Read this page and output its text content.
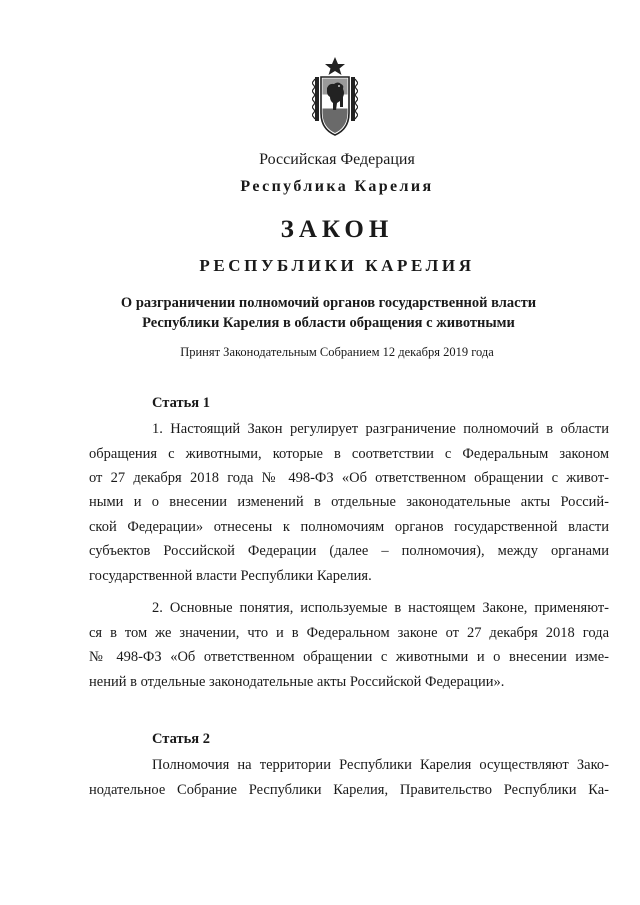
Российская Федерация
Республика Карелия
ЗАКОН
РЕСПУБЛИКИ КАРЕЛИЯ
О разграничении полномочий органов государственной власти
Республики Карелия в области обращения с животными
Принят Законодательным Собранием 12 декабря 2019 года
Статья 1
1. Настоящий Закон регулирует разграничение полномочий в области
обращения с животными, которые в соответствии с Федеральным законом
от 27 декабря 2018 года № 498-ФЗ «Об ответственном обращении с живот-
ными и о внесении изменений в отдельные законодательные акты Россий-
ской Федерации» отнесены к полномочиям органов государственной власти
субъектов Российской Федерации (далее – полномочия), между органами
государственной власти Республики Карелия.
2. Основные понятия, используемые в настоящем Законе, применяют-
ся в том же значении, что и в Федеральном законе от 27 декабря 2018 года
№ 498-ФЗ «Об ответственном обращении с животными и о внесении изме-
нений в отдельные законодательные акты Российской Федерации».
Статья 2
Полномочия на территории Республики Карелия осуществляют Зако-
нодательное Собрание Республики Карелия, Правительство Республики Ка-
